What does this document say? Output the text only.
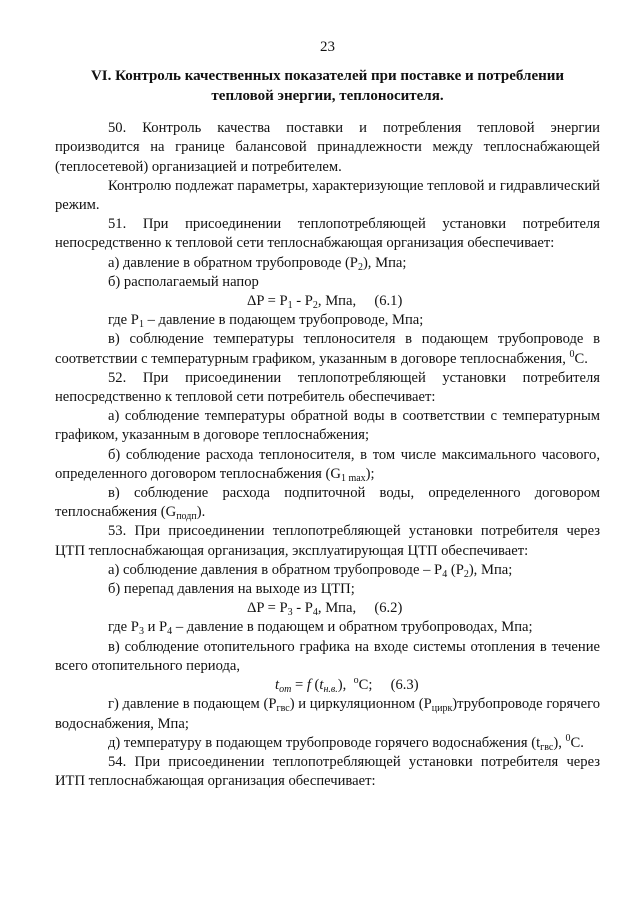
23
VI. Контроль качественных показателей при поставке и потреблении
тепловой энергии, теплоносителя.

50. Контроль качества поставки и потребления тепловой энергии производится на границе балансовой принадлежности между теплоснабжающей (теплосетевой) организацией и потребителем.

Контролю подлежат параметры, характеризующие тепловой и гидравлический режим.

51. При присоединении теплопотребляющей установки потребителя непосредственно к тепловой сети теплоснабжающая организация обеспечивает:

а) давление в обратном трубопроводе $(P_2)$, Мпа;

б) располагаемый напор

$\Delta P = P_1 - P_2$, Мпа,     (6.1)

где $P_1$ – давление в подающем трубопроводе, Мпа;

в) соблюдение температуры теплоносителя в подающем трубопроводе в соответствии с температурным графиком, указанным в договоре теплоснабжения, $^0$С.

52. При присоединении теплопотребляющей установки потребителя непосредственно к тепловой сети потребитель обеспечивает:

а) соблюдение температуры обратной воды в соответствии с температурным графиком, указанным в договоре теплоснабжения;

б) соблюдение расхода теплоносителя, в том числе максимального часового, определенного договором теплоснабжения $(G_{1 max})$;

в) соблюдение расхода подпиточной воды, определенного договором теплоснабжения $(G_{подп})$.

53. При присоединении теплопотребляющей установки потребителя через ЦТП теплоснабжающая организация, эксплуатирующая ЦТП обеспечивает:

а) соблюдение давления в обратном трубопроводе – $P_4$ $(P_2)$, Мпа;

б) перепад давления на выходе из ЦТП;

$\Delta P = P_3 - P_4$, Мпа,     (6.2)

где $P_3$ и $P_4$ – давление в подающем и обратном трубопроводах, Мпа;

в) соблюдение отопительного графика на входе системы отопления в течение всего отопительного периода,

$t_{от} = f$ $(t_{н.в.})$,  $^о$С;     (6.3)

г) давление в подающем $(P_{гвс})$ и циркуляционном $(P_{цирк})трубопроводе$ горячего водоснабжения, Мпа;

д) температуру в подающем трубопроводе горячего водоснабжения $(t_{гвс})$, $^0$С.

54. При присоединении теплопотребляющей установки потребителя через ИТП теплоснабжающая организация обеспечивает:
